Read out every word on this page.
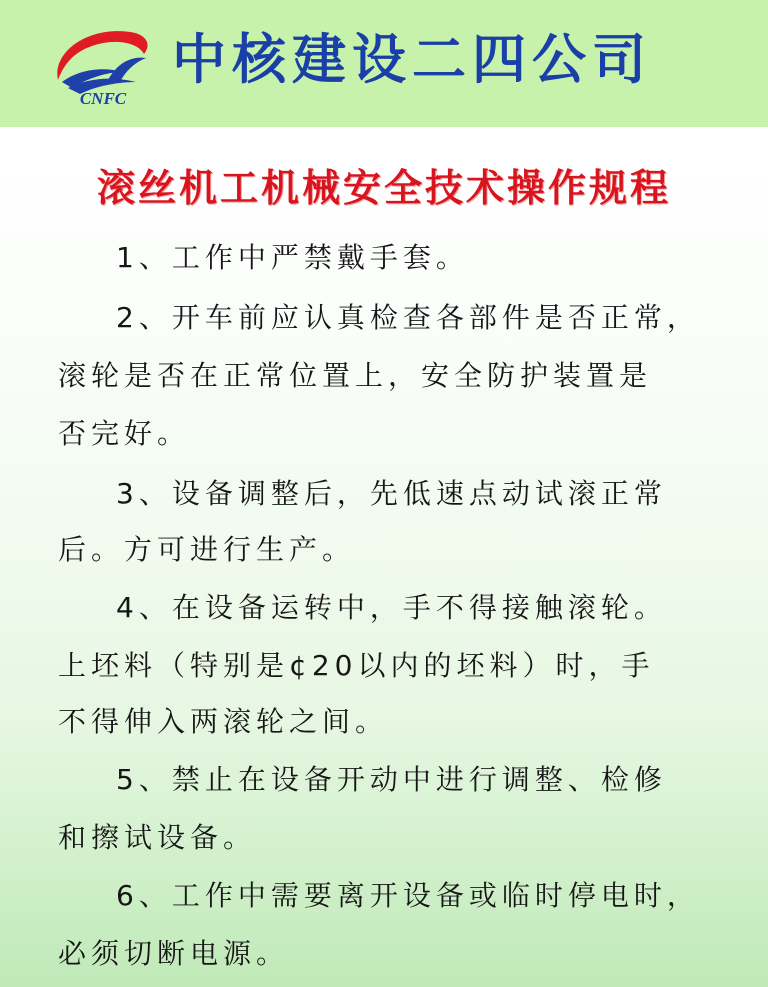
CNFC
中核建设二四公司
滚丝机工机械安全技术操作规程
1、工作中严禁戴手套。
2、开车前应认真检查各部件是否正常，
滚轮是否在正常位置上，安全防护装置是
否完好。
3、设备调整后，先低速点动试滚正常
后。方可进行生产。
4、在设备运转中，手不得接触滚轮。
上坯料（特别是¢20以内的坯料）时，手
不得伸入两滚轮之间。
5、禁止在设备开动中进行调整、检修
和擦试设备。
6、工作中需要离开设备或临时停电时，
必须切断电源。
